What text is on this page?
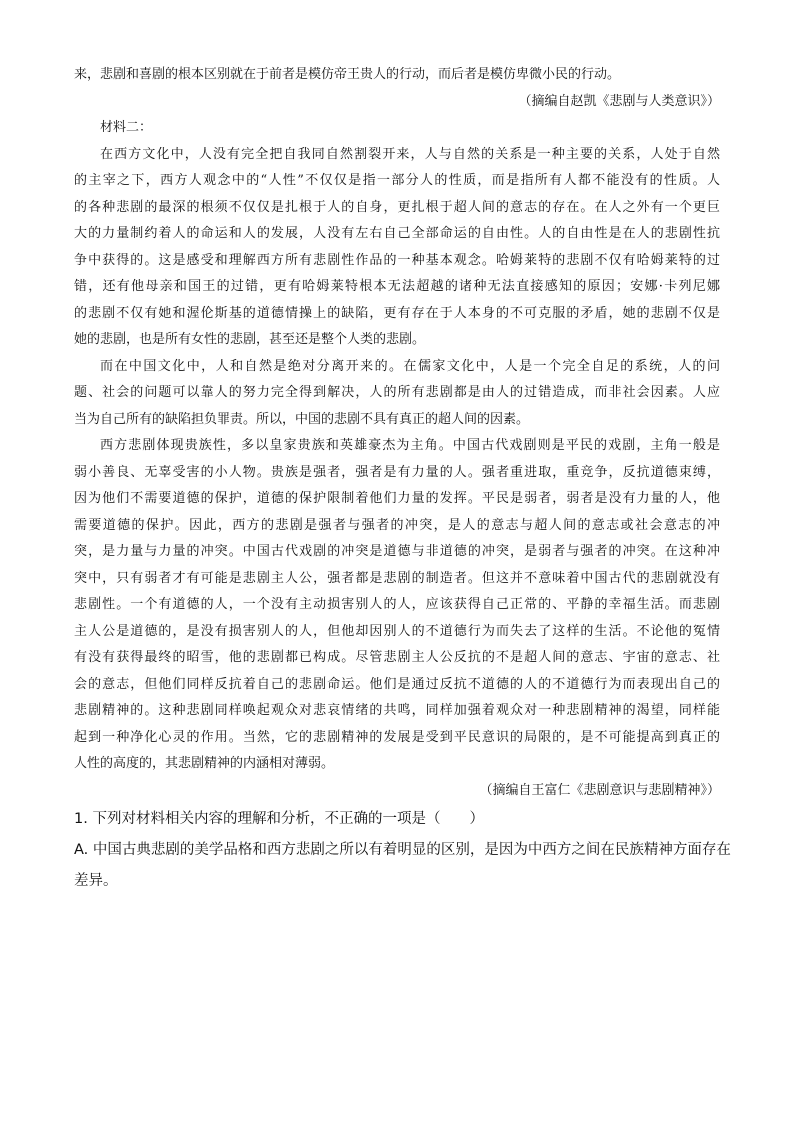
来，悲剧和喜剧的根本区别就在于前者是模仿帝王贵人的行动，而后者是模仿卑微小民的行动。
（摘编自赵凯《悲剧与人类意识》）
材料二：
在西方文化中，人没有完全把自我同自然割裂开来，人与自然的关系是一种主要的关系，人处于自然
的主宰之下，西方人观念中的“人性”不仅仅是指一部分人的性质，而是指所有人都不能没有的性质。人
的各种悲剧的最深的根须不仅仅是扎根于人的自身，更扎根于超人间的意志的存在。在人之外有一个更巨
大的力量制约着人的命运和人的发展，人没有左右自己全部命运的自由性。人的自由性是在人的悲剧性抗
争中获得的。这是感受和理解西方所有悲剧性作品的一种基本观念。哈姆莱特的悲剧不仅有哈姆莱特的过
错，还有他母亲和国王的过错，更有哈姆莱特根本无法超越的诸种无法直接感知的原因；安娜·卡列尼娜
的悲剧不仅有她和渥伦斯基的道德情操上的缺陷，更有存在于人本身的不可克服的矛盾，她的悲剧不仅是
她的悲剧，也是所有女性的悲剧，甚至还是整个人类的悲剧。
而在中国文化中，人和自然是绝对分离开来的。在儒家文化中，人是一个完全自足的系统，人的问
题、社会的问题可以靠人的努力完全得到解决，人的所有悲剧都是由人的过错造成，而非社会因素。人应
当为自己所有的缺陷担负罪责。所以，中国的悲剧不具有真正的超人间的因素。
西方悲剧体现贵族性，多以皇家贵族和英雄豪杰为主角。中国古代戏剧则是平民的戏剧，主角一般是
弱小善良、无辜受害的小人物。贵族是强者，强者是有力量的人。强者重进取，重竞争，反抗道德束缚，
因为他们不需要道德的保护，道德的保护限制着他们力量的发挥。平民是弱者，弱者是没有力量的人，他
需要道德的保护。因此，西方的悲剧是强者与强者的冲突，是人的意志与超人间的意志或社会意志的冲
突，是力量与力量的冲突。中国古代戏剧的冲突是道德与非道德的冲突，是弱者与强者的冲突。在这种冲
突中，只有弱者才有可能是悲剧主人公，强者都是悲剧的制造者。但这并不意味着中国古代的悲剧就没有
悲剧性。一个有道德的人，一个没有主动损害别人的人，应该获得自己正常的、平静的幸福生活。而悲剧
主人公是道德的，是没有损害别人的人，但他却因别人的不道德行为而失去了这样的生活。不论他的冤情
有没有获得最终的昭雪，他的悲剧都已构成。尽管悲剧主人公反抗的不是超人间的意志、宇宙的意志、社
会的意志，但他们同样反抗着自己的悲剧命运。他们是通过反抗不道德的人的不道德行为而表现出自己的
悲剧精神的。这种悲剧同样唤起观众对悲哀情绪的共鸣，同样加强着观众对一种悲剧精神的渴望，同样能
起到一种净化心灵的作用。当然，它的悲剧精神的发展是受到平民意识的局限的，是不可能提高到真正的
人性的高度的，其悲剧精神的内涵相对薄弱。
（摘编自王富仁《悲剧意识与悲剧精神》）
1. 下列对材料相关内容的理解和分析，不正确的一项是（　　）
A. 中国古典悲剧的美学品格和西方悲剧之所以有着明显的区别，是因为中西方之间在民族精神方面存在
差异。
